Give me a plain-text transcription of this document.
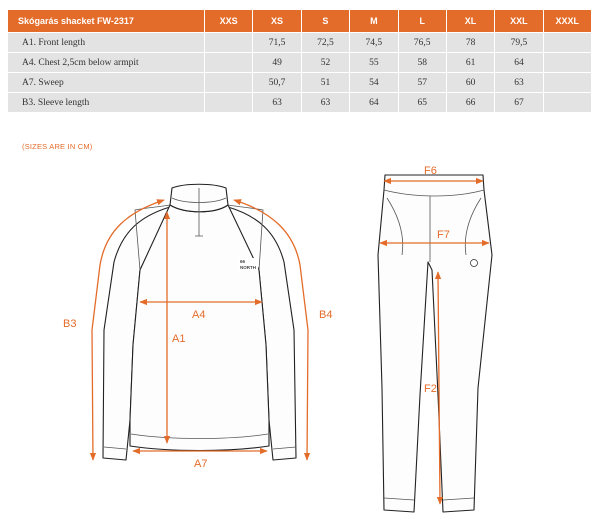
Skógarás shacket FW-2317	XXS	XS	S	M	L	XL	XXL	XXXL
A1. Front length		71,5	72,5	74,5	76,5	78	79,5	
A4. Chest 2,5cm below armpit		49	52	55	58	61	64	
A7. Sweep		50,7	51	54	57	60	63	
B3. Sleeve length		63	63	64	65	66	67	
(SIZES ARE IN CM)
66
NORTH
A4
A1
A7
B3
B4
F6
F7
F2
